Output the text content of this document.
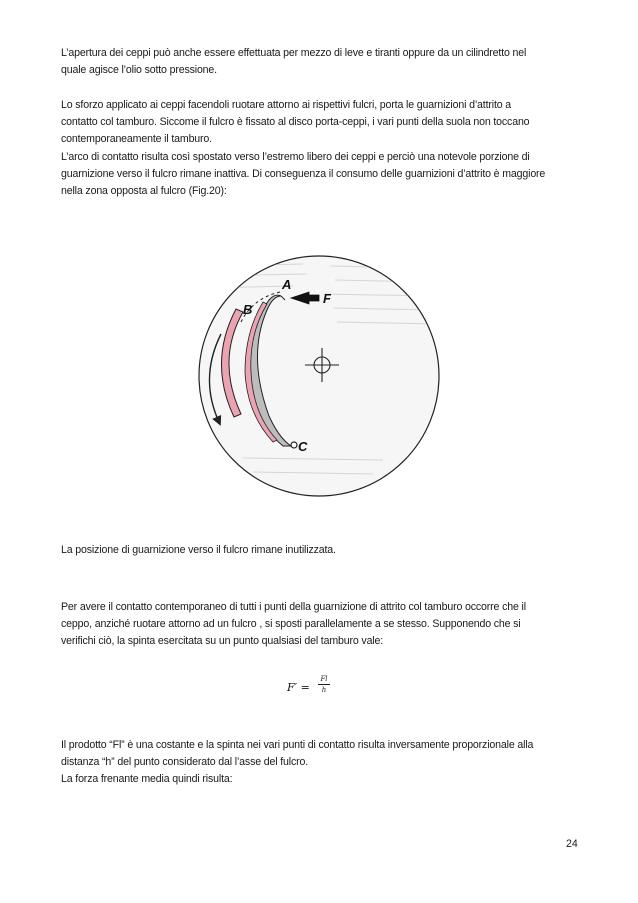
L’apertura dei ceppi può anche essere effettuata per mezzo di leve e tiranti oppure da un cilindretto nel
quale agisce l’olio sotto pressione.
Lo sforzo applicato ai ceppi facendoli ruotare attorno ai rispettivi fulcri, porta le guarnizioni d’attrito a
contatto col tamburo. Siccome il fulcro è fissato al disco porta-ceppi, i vari punti della suola non toccano
contemporaneamente il tamburo.
L’arco di contatto risulta così spostato verso l’estremo libero dei ceppi e perciò una notevole porzione di
guarnizione verso il fulcro rimane inattiva. Di conseguenza il consumo delle guarnizioni d’attrito è maggiore
nella zona opposta al fulcro (Fig.20):
A
B
C
F
La posizione di guarnizione verso il fulcro rimane inutilizzata.
Per avere il contatto contemporaneo di tutti i punti della guarnizione di attrito col tamburo occorre che il
ceppo, anziché ruotare attorno ad un fulcro , si sposti parallelamente a se stesso. Supponendo che si
verifichi ciò, la spinta esercitata su un punto qualsiasi del tamburo vale:
F′ =
Fl
h
Il prodotto “Fl” è una costante e la spinta nei vari punti di contatto risulta inversamente proporzionale alla
distanza “h” del punto considerato dal l’asse del fulcro.
La forza frenante media quindi risulta:
24
